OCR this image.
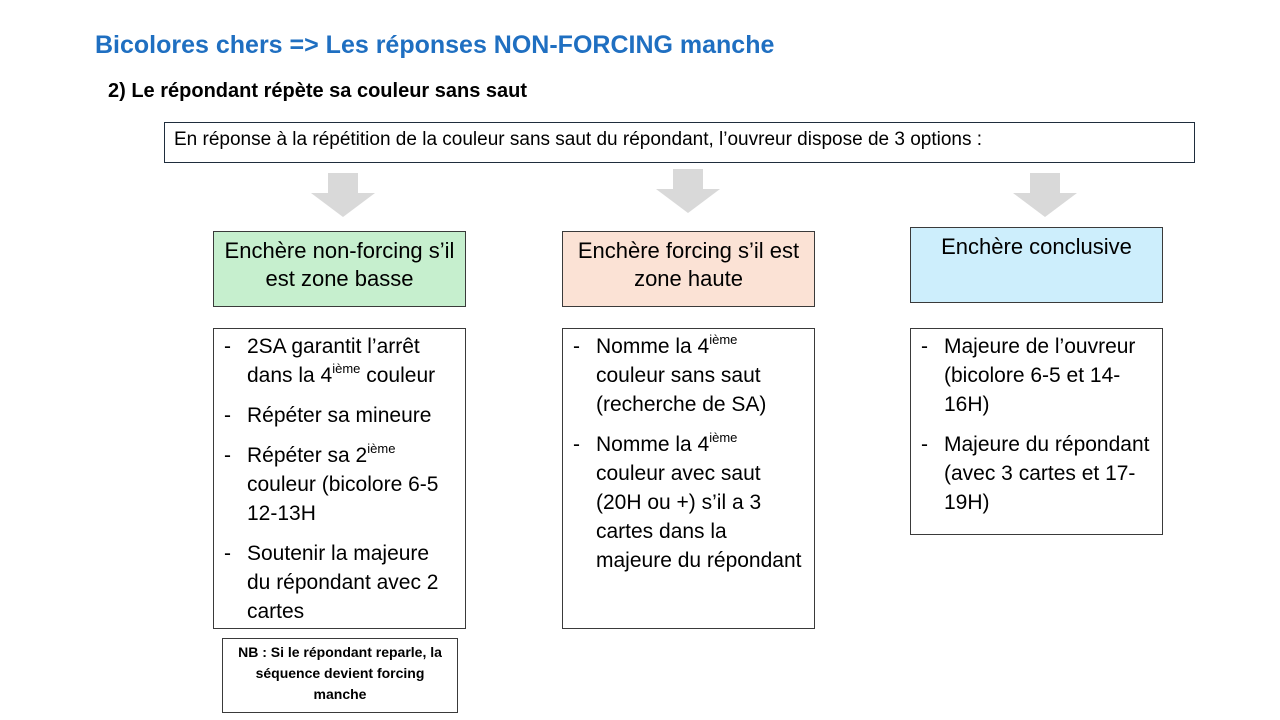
Bicolores chers => Les réponses NON-FORCING manche
2) Le répondant répète sa couleur sans saut
En réponse à la répétition de la couleur sans saut du répondant, l’ouvreur dispose de 3 options :
Enchère non-forcing s’il est zone basse
Enchère forcing s’il est zone haute
Enchère conclusive
- 2SA garantit l’arrêt dans la 4ième couleur
- Répéter sa mineure
- Répéter sa 2ième couleur (bicolore 6-5 12-13H
- Soutenir la majeure du répondant avec 2 cartes
- Nomme la 4ième couleur sans saut (recherche de SA)
- Nomme la 4ième couleur avec saut (20H ou +) s’il a 3 cartes dans la majeure du répondant
- Majeure de l’ouvreur (bicolore 6-5 et 14-16H)
- Majeure du répondant (avec 3 cartes et 17-19H)
NB : Si le répondant reparle, la séquence devient forcing manche
